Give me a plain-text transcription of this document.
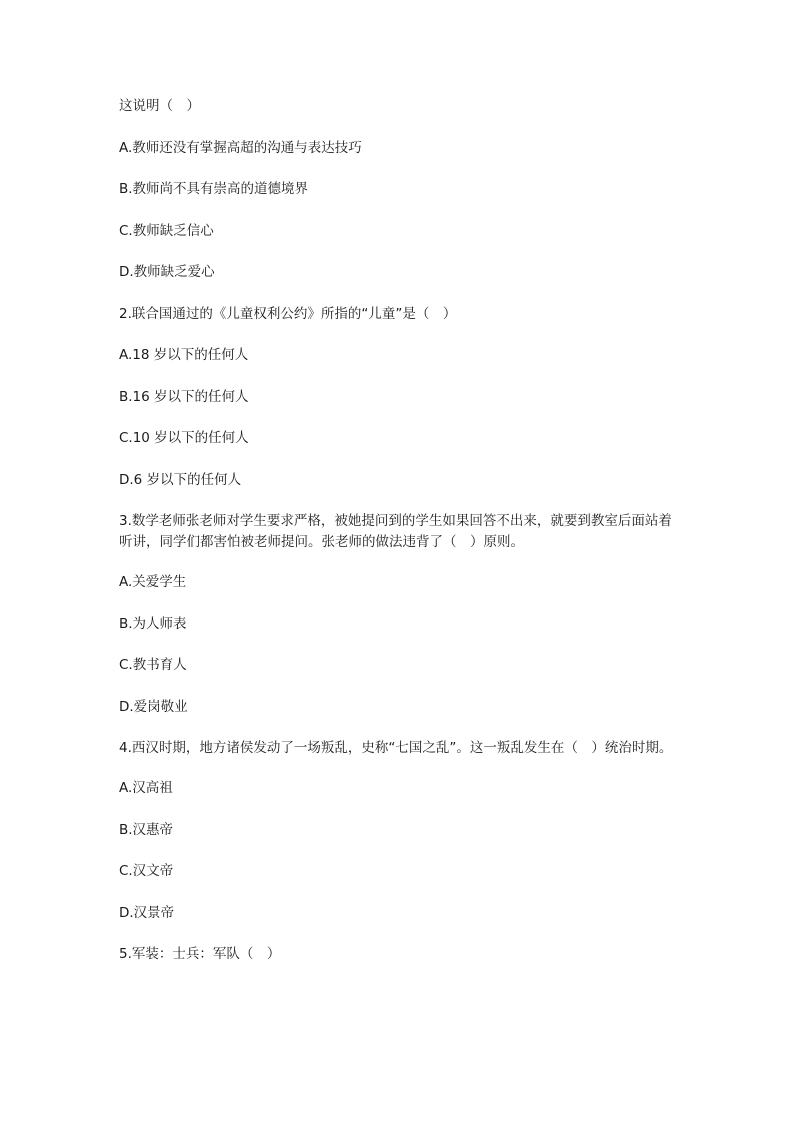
这说明（　）

A.教师还没有掌握高超的沟通与表达技巧

B.教师尚不具有崇高的道德境界

C.教师缺乏信心

D.教师缺乏爱心

2.联合国通过的《儿童权利公约》所指的“儿童”是（　）

A.18 岁以下的任何人

B.16 岁以下的任何人

C.10 岁以下的任何人

D.6 岁以下的任何人

3.数学老师张老师对学生要求严格，被她提问到的学生如果回答不出来，就要到教室后面站着听讲，同学们都害怕被老师提问。张老师的做法违背了（　）原则。

A.关爱学生

B.为人师表

C.教书育人

D.爱岗敬业

4.西汉时期，地方诸侯发动了一场叛乱，史称“七国之乱”。这一叛乱发生在（　）统治时期。

A.汉高祖

B.汉惠帝

C.汉文帝

D.汉景帝

5.军装：士兵：军队（　）
